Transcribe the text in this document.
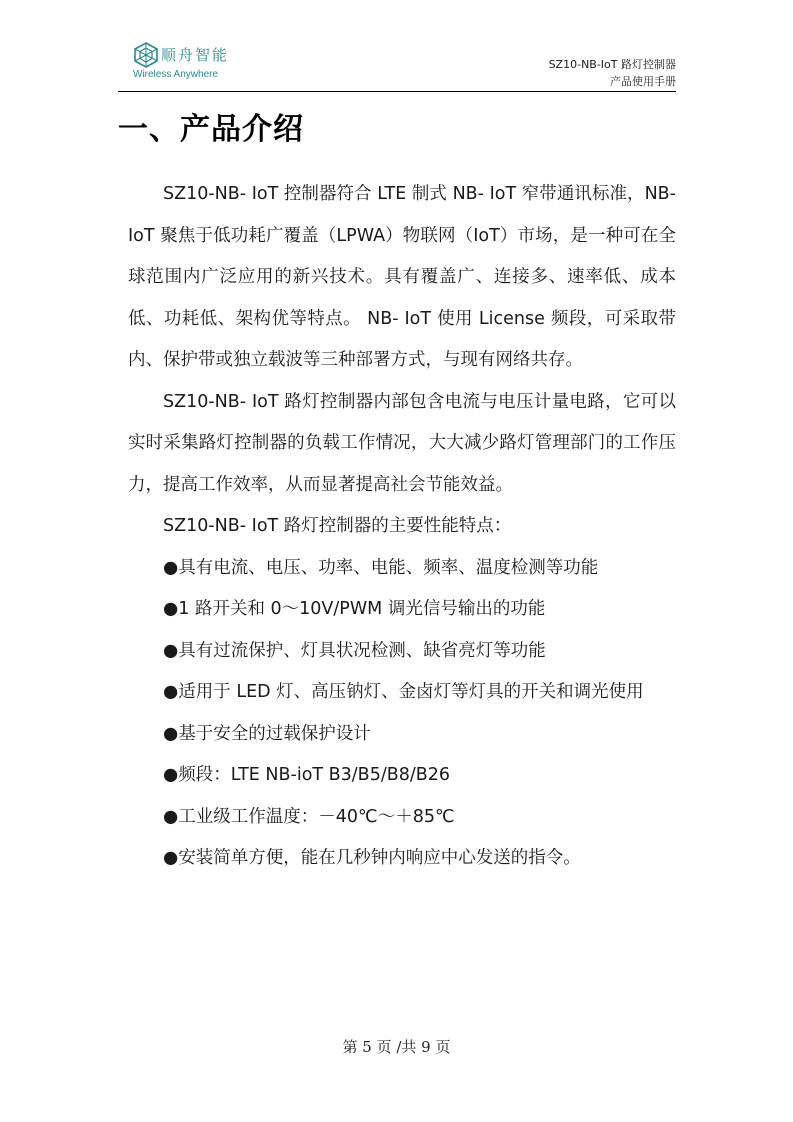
顺舟智能
Wireless Anywhere
SZ10-NB-IoT 路灯控制器
产品使用手册
一、产品介绍

SZ10-NB- IoT 控制器符合 LTE 制式 NB- IoT 窄带通讯标准，NB- IoT 聚焦于低功耗广覆盖（LPWA）物联网（IoT）市场，是一种可在全球范围内广泛应用的新兴技术。具有覆盖广、连接多、速率低、成本低、功耗低、架构优等特点。 NB- IoT 使用 License 频段，可采取带内、保护带或独立载波等三种部署方式，与现有网络共存。

SZ10-NB- IoT 路灯控制器内部包含电流与电压计量电路，它可以实时采集路灯控制器的负载工作情况，大大减少路灯管理部门的工作压力，提高工作效率，从而显著提高社会节能效益。

SZ10-NB- IoT 路灯控制器的主要性能特点：

●具有电流、电压、功率、电能、频率、温度检测等功能

●1 路开关和 0～10V/PWM 调光信号输出的功能

●具有过流保护、灯具状况检测、缺省亮灯等功能

●适用于 LED 灯、高压钠灯、金卤灯等灯具的开关和调光使用

●基于安全的过载保护设计

●频段：LTE NB-ioT B3/B5/B8/B26

●工业级工作温度：－40℃～＋85℃

●安装简单方便，能在几秒钟内响应中心发送的指令。

第 5 页 /共 9 页
